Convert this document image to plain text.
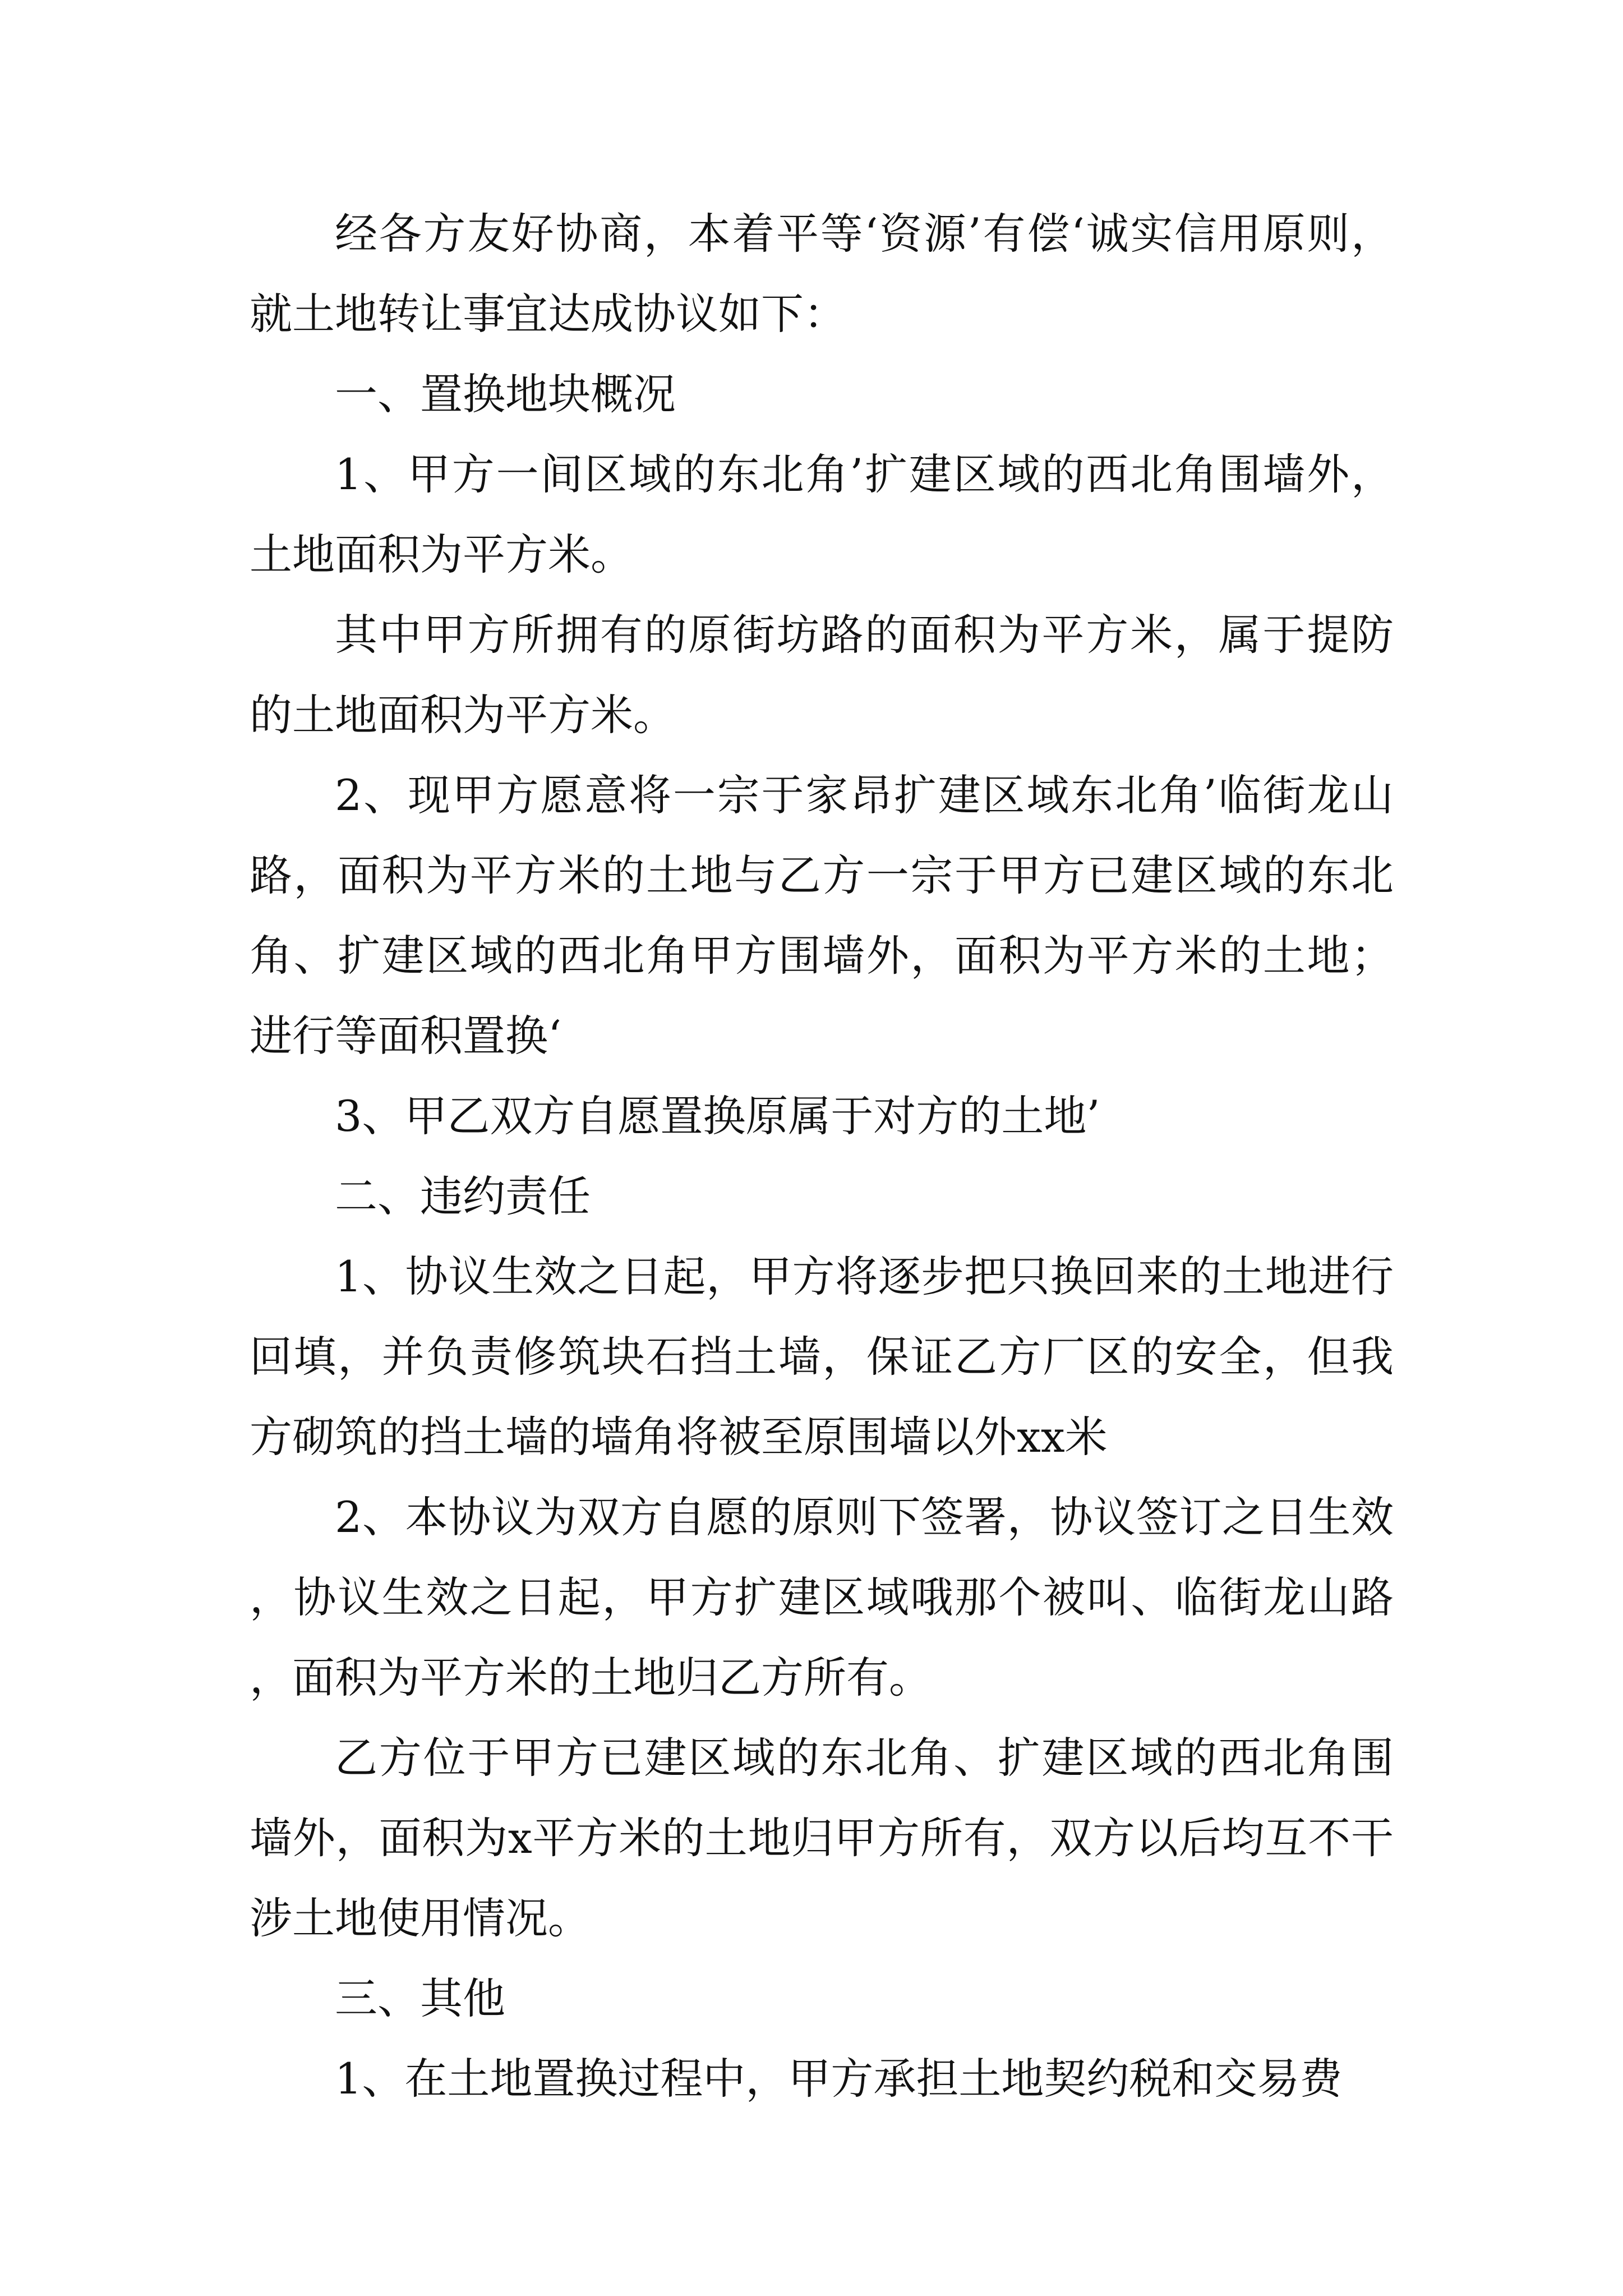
经各方友好协商，本着平等‘资源’有偿‘诚实信用原则，就土地转让事宜达成协议如下：

一、置换地块概况

1、甲方一间区域的东北角’扩建区域的西北角围墙外，土地面积为平方米。

其中甲方所拥有的原街坊路的面积为平方米，属于提防的土地面积为平方米。

2、现甲方愿意将一宗于家昂扩建区域东北角’临街龙山路，面积为平方米的土地与乙方一宗于甲方已建区域的东北角、扩建区域的西北角甲方围墙外，面积为平方米的土地；进行等面积置换‘

3、甲乙双方自愿置换原属于对方的土地’

二、违约责任

1、协议生效之日起，甲方将逐步把只换回来的土地进行回填，并负责修筑块石挡土墙，保证乙方厂区的安全，但我方砌筑的挡土墙的墙角将被至原围墙以外xx米

2、本协议为双方自愿的原则下签署，协议签订之日生效，协议生效之日起，甲方扩建区域哦那个被叫、临街龙山路，面积为平方米的土地归乙方所有。

乙方位于甲方已建区域的东北角、扩建区域的西北角围墙外，面积为x平方米的土地归甲方所有，双方以后均互不干涉土地使用情况。

三、其他

1、在土地置换过程中，甲方承担土地契约税和交易费
